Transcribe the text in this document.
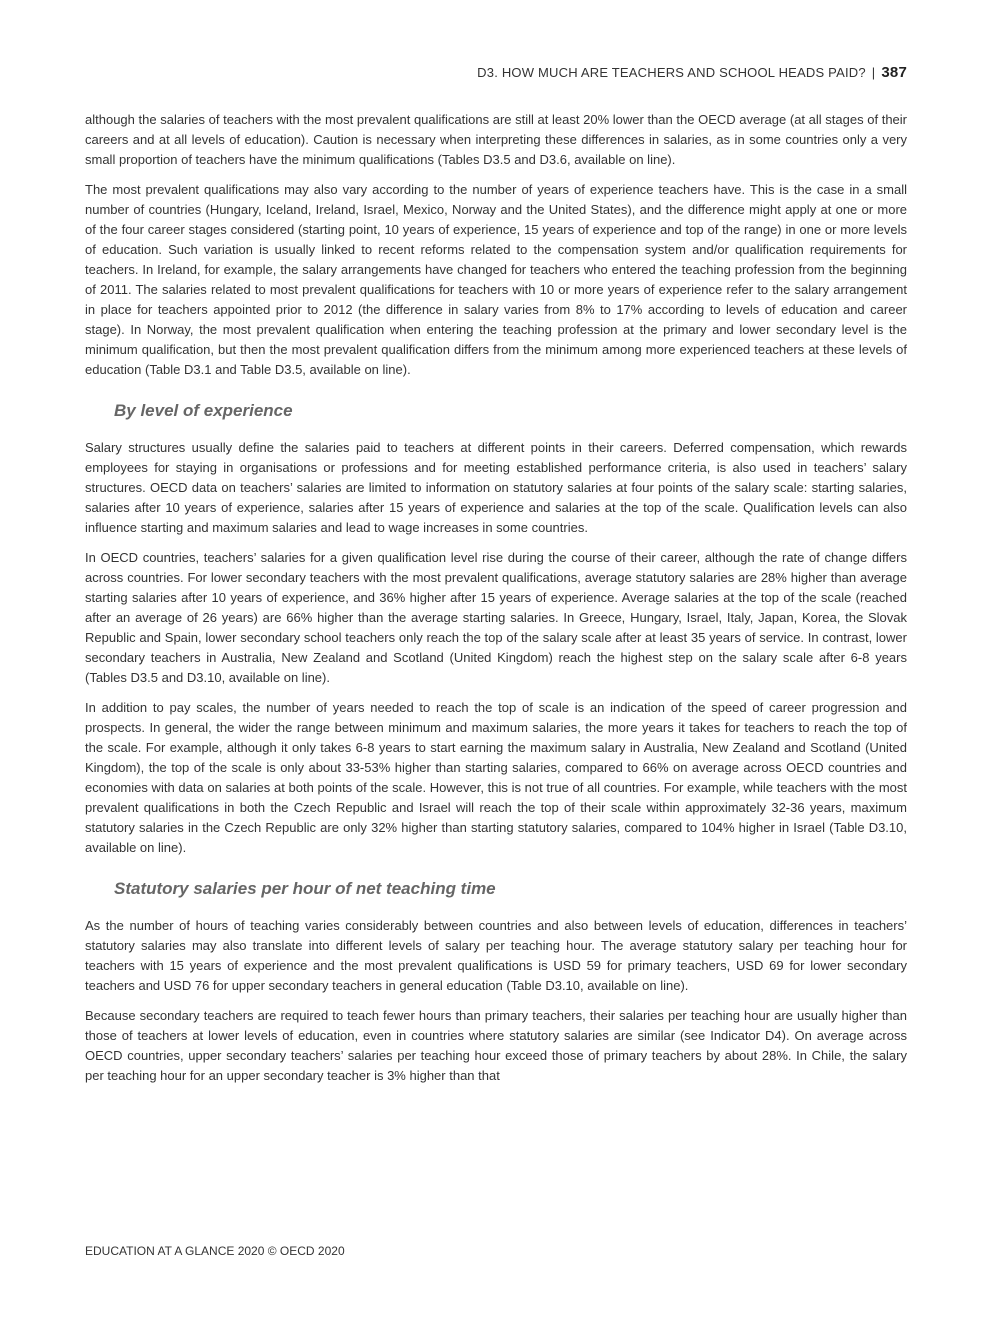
D3. HOW MUCH ARE TEACHERS AND SCHOOL HEADS PAID? | 387

although the salaries of teachers with the most prevalent qualifications are still at least 20% lower than the OECD average (at all stages of their careers and at all levels of education). Caution is necessary when interpreting these differences in salaries, as in some countries only a very small proportion of teachers have the minimum qualifications (Tables D3.5 and D3.6, available on line).

The most prevalent qualifications may also vary according to the number of years of experience teachers have. This is the case in a small number of countries (Hungary, Iceland, Ireland, Israel, Mexico, Norway and the United States), and the difference might apply at one or more of the four career stages considered (starting point, 10 years of experience, 15 years of experience and top of the range) in one or more levels of education. Such variation is usually linked to recent reforms related to the compensation system and/or qualification requirements for teachers. In Ireland, for example, the salary arrangements have changed for teachers who entered the teaching profession from the beginning of 2011. The salaries related to most prevalent qualifications for teachers with 10 or more years of experience refer to the salary arrangement in place for teachers appointed prior to 2012 (the difference in salary varies from 8% to 17% according to levels of education and career stage). In Norway, the most prevalent qualification when entering the teaching profession at the primary and lower secondary level is the minimum qualification, but then the most prevalent qualification differs from the minimum among more experienced teachers at these levels of education (Table D3.1 and Table D3.5, available on line).

By level of experience

Salary structures usually define the salaries paid to teachers at different points in their careers. Deferred compensation, which rewards employees for staying in organisations or professions and for meeting established performance criteria, is also used in teachers’ salary structures. OECD data on teachers’ salaries are limited to information on statutory salaries at four points of the salary scale: starting salaries, salaries after 10 years of experience, salaries after 15 years of experience and salaries at the top of the scale. Qualification levels can also influence starting and maximum salaries and lead to wage increases in some countries.

In OECD countries, teachers’ salaries for a given qualification level rise during the course of their career, although the rate of change differs across countries. For lower secondary teachers with the most prevalent qualifications, average statutory salaries are 28% higher than average starting salaries after 10 years of experience, and 36% higher after 15 years of experience. Average salaries at the top of the scale (reached after an average of 26 years) are 66% higher than the average starting salaries. In Greece, Hungary, Israel, Italy, Japan, Korea, the Slovak Republic and Spain, lower secondary school teachers only reach the top of the salary scale after at least 35 years of service. In contrast, lower secondary teachers in Australia, New Zealand and Scotland (United Kingdom) reach the highest step on the salary scale after 6-8 years (Tables D3.5 and D3.10, available on line).

In addition to pay scales, the number of years needed to reach the top of scale is an indication of the speed of career progression and prospects. In general, the wider the range between minimum and maximum salaries, the more years it takes for teachers to reach the top of the scale. For example, although it only takes 6-8 years to start earning the maximum salary in Australia, New Zealand and Scotland (United Kingdom), the top of the scale is only about 33-53% higher than starting salaries, compared to 66% on average across OECD countries and economies with data on salaries at both points of the scale. However, this is not true of all countries. For example, while teachers with the most prevalent qualifications in both the Czech Republic and Israel will reach the top of their scale within approximately 32-36 years, maximum statutory salaries in the Czech Republic are only 32% higher than starting statutory salaries, compared to 104% higher in Israel (Table D3.10, available on line).

Statutory salaries per hour of net teaching time

As the number of hours of teaching varies considerably between countries and also between levels of education, differences in teachers’ statutory salaries may also translate into different levels of salary per teaching hour. The average statutory salary per teaching hour for teachers with 15 years of experience and the most prevalent qualifications is USD 59 for primary teachers, USD 69 for lower secondary teachers and USD 76 for upper secondary teachers in general education (Table D3.10, available on line).

Because secondary teachers are required to teach fewer hours than primary teachers, their salaries per teaching hour are usually higher than those of teachers at lower levels of education, even in countries where statutory salaries are similar (see Indicator D4). On average across OECD countries, upper secondary teachers’ salaries per teaching hour exceed those of primary teachers by about 28%. In Chile, the salary per teaching hour for an upper secondary teacher is 3% higher than that

EDUCATION AT A GLANCE 2020 © OECD 2020
